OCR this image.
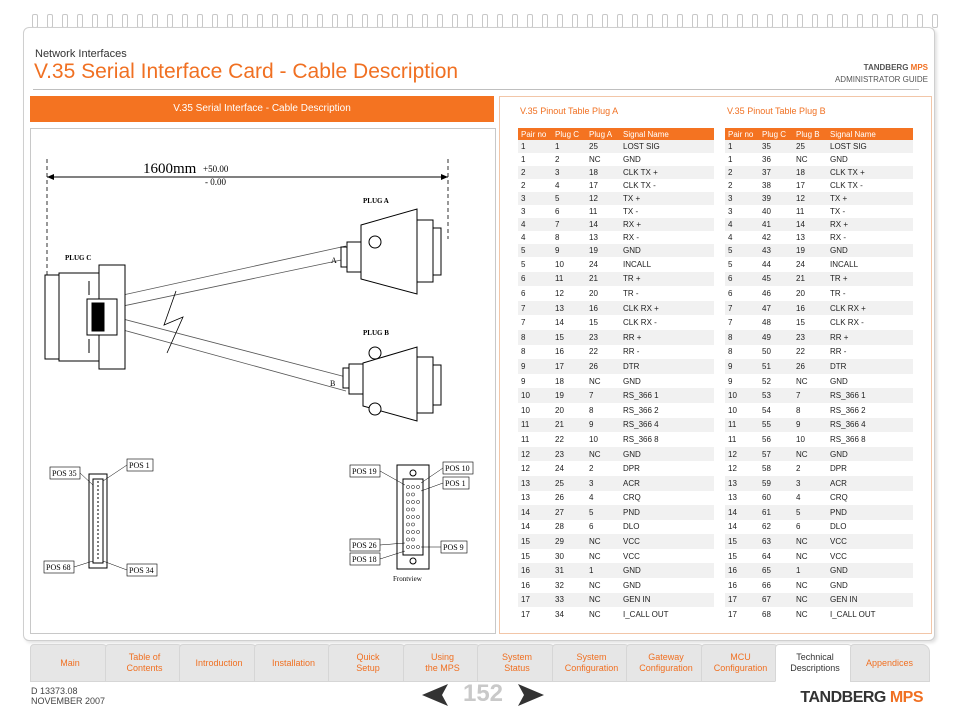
Network Interfaces
V.35 Serial Interface Card - Cable Description	TANDBERG MPS
ADMINISTRATOR GUIDE
V.35 Serial Interface - Cable Description
1600mm +50.00
- 0.00
PLUG A
PLUG B
PLUG C	A
B
POS 35
POS 1
POS 68	POS 34
POS 19	POS 10
POS 1
POS 26
POS 18
POS 9
Frontview
V.35 Pinout Table Plug A	V.35 Pinout Table Plug B
Pair no	Plug C	Plug A	Signal Name
1	1	25	LOST SIG
1	2	NC	GND
2	3	18	CLK TX +
2	4	17	CLK TX -
3	5	12	TX +
3	6	11	TX -
4	7	14	RX +
4	8	13	RX -
5	9	19	GND
5	10	24	INCALL
6	11	21	TR +
6	12	20	TR -
7	13	16	CLK RX +
7	14	15	CLK RX -
8	15	23	RR +
8	16	22	RR -
9	17	26	DTR
9	18	NC	GND
10	19	7	RS_366 1
10	20	8	RS_366 2
11	21	9	RS_366 4
11	22	10	RS_366 8
12	23	NC	GND
12	24	2	DPR
13	25	3	ACR
13	26	4	CRQ
14	27	5	PND
14	28	6	DLO
15	29	NC	VCC
15	30	NC	VCC
16	31	1	GND
16	32	NC	GND
17	33	NC	GEN IN
17	34	NC	I_CALL OUT
Pair no	Plug C	Plug B	Signal Name
1	35	25	LOST SIG
1	36	NC	GND
2	37	18	CLK TX +
2	38	17	CLK TX -
3	39	12	TX +
3	40	11	TX -
4	41	14	RX +
4	42	13	RX -
5	43	19	GND
5	44	24	INCALL
6	45	21	TR +
6	46	20	TR -
7	47	16	CLK RX +
7	48	15	CLK RX -
8	49	23	RR +
8	50	22	RR -
9	51	26	DTR
9	52	NC	GND
10	53	7	RS_366 1
10	54	8	RS_366 2
11	55	9	RS_366 4
11	56	10	RS_366 8
12	57	NC	GND
12	58	2	DPR
13	59	3	ACR
13	60	4	CRQ
14	61	5	PND
14	62	6	DLO
15	63	NC	VCC
15	64	NC	VCC
16	65	1	GND
16	66	NC	GND
17	67	NC	GEN IN
17	68	NC	I_CALL OUT
Main
Table of
Contents
Introduction	Installation
Quick
Setup
Using
the MPS
System
Status
System
Configuration
Gateway
Configuration
MCU
Configuration
Technical
Descriptions
Appendices
D 13373.08
NOVEMBER 2007	152	TANDBERG MPS
